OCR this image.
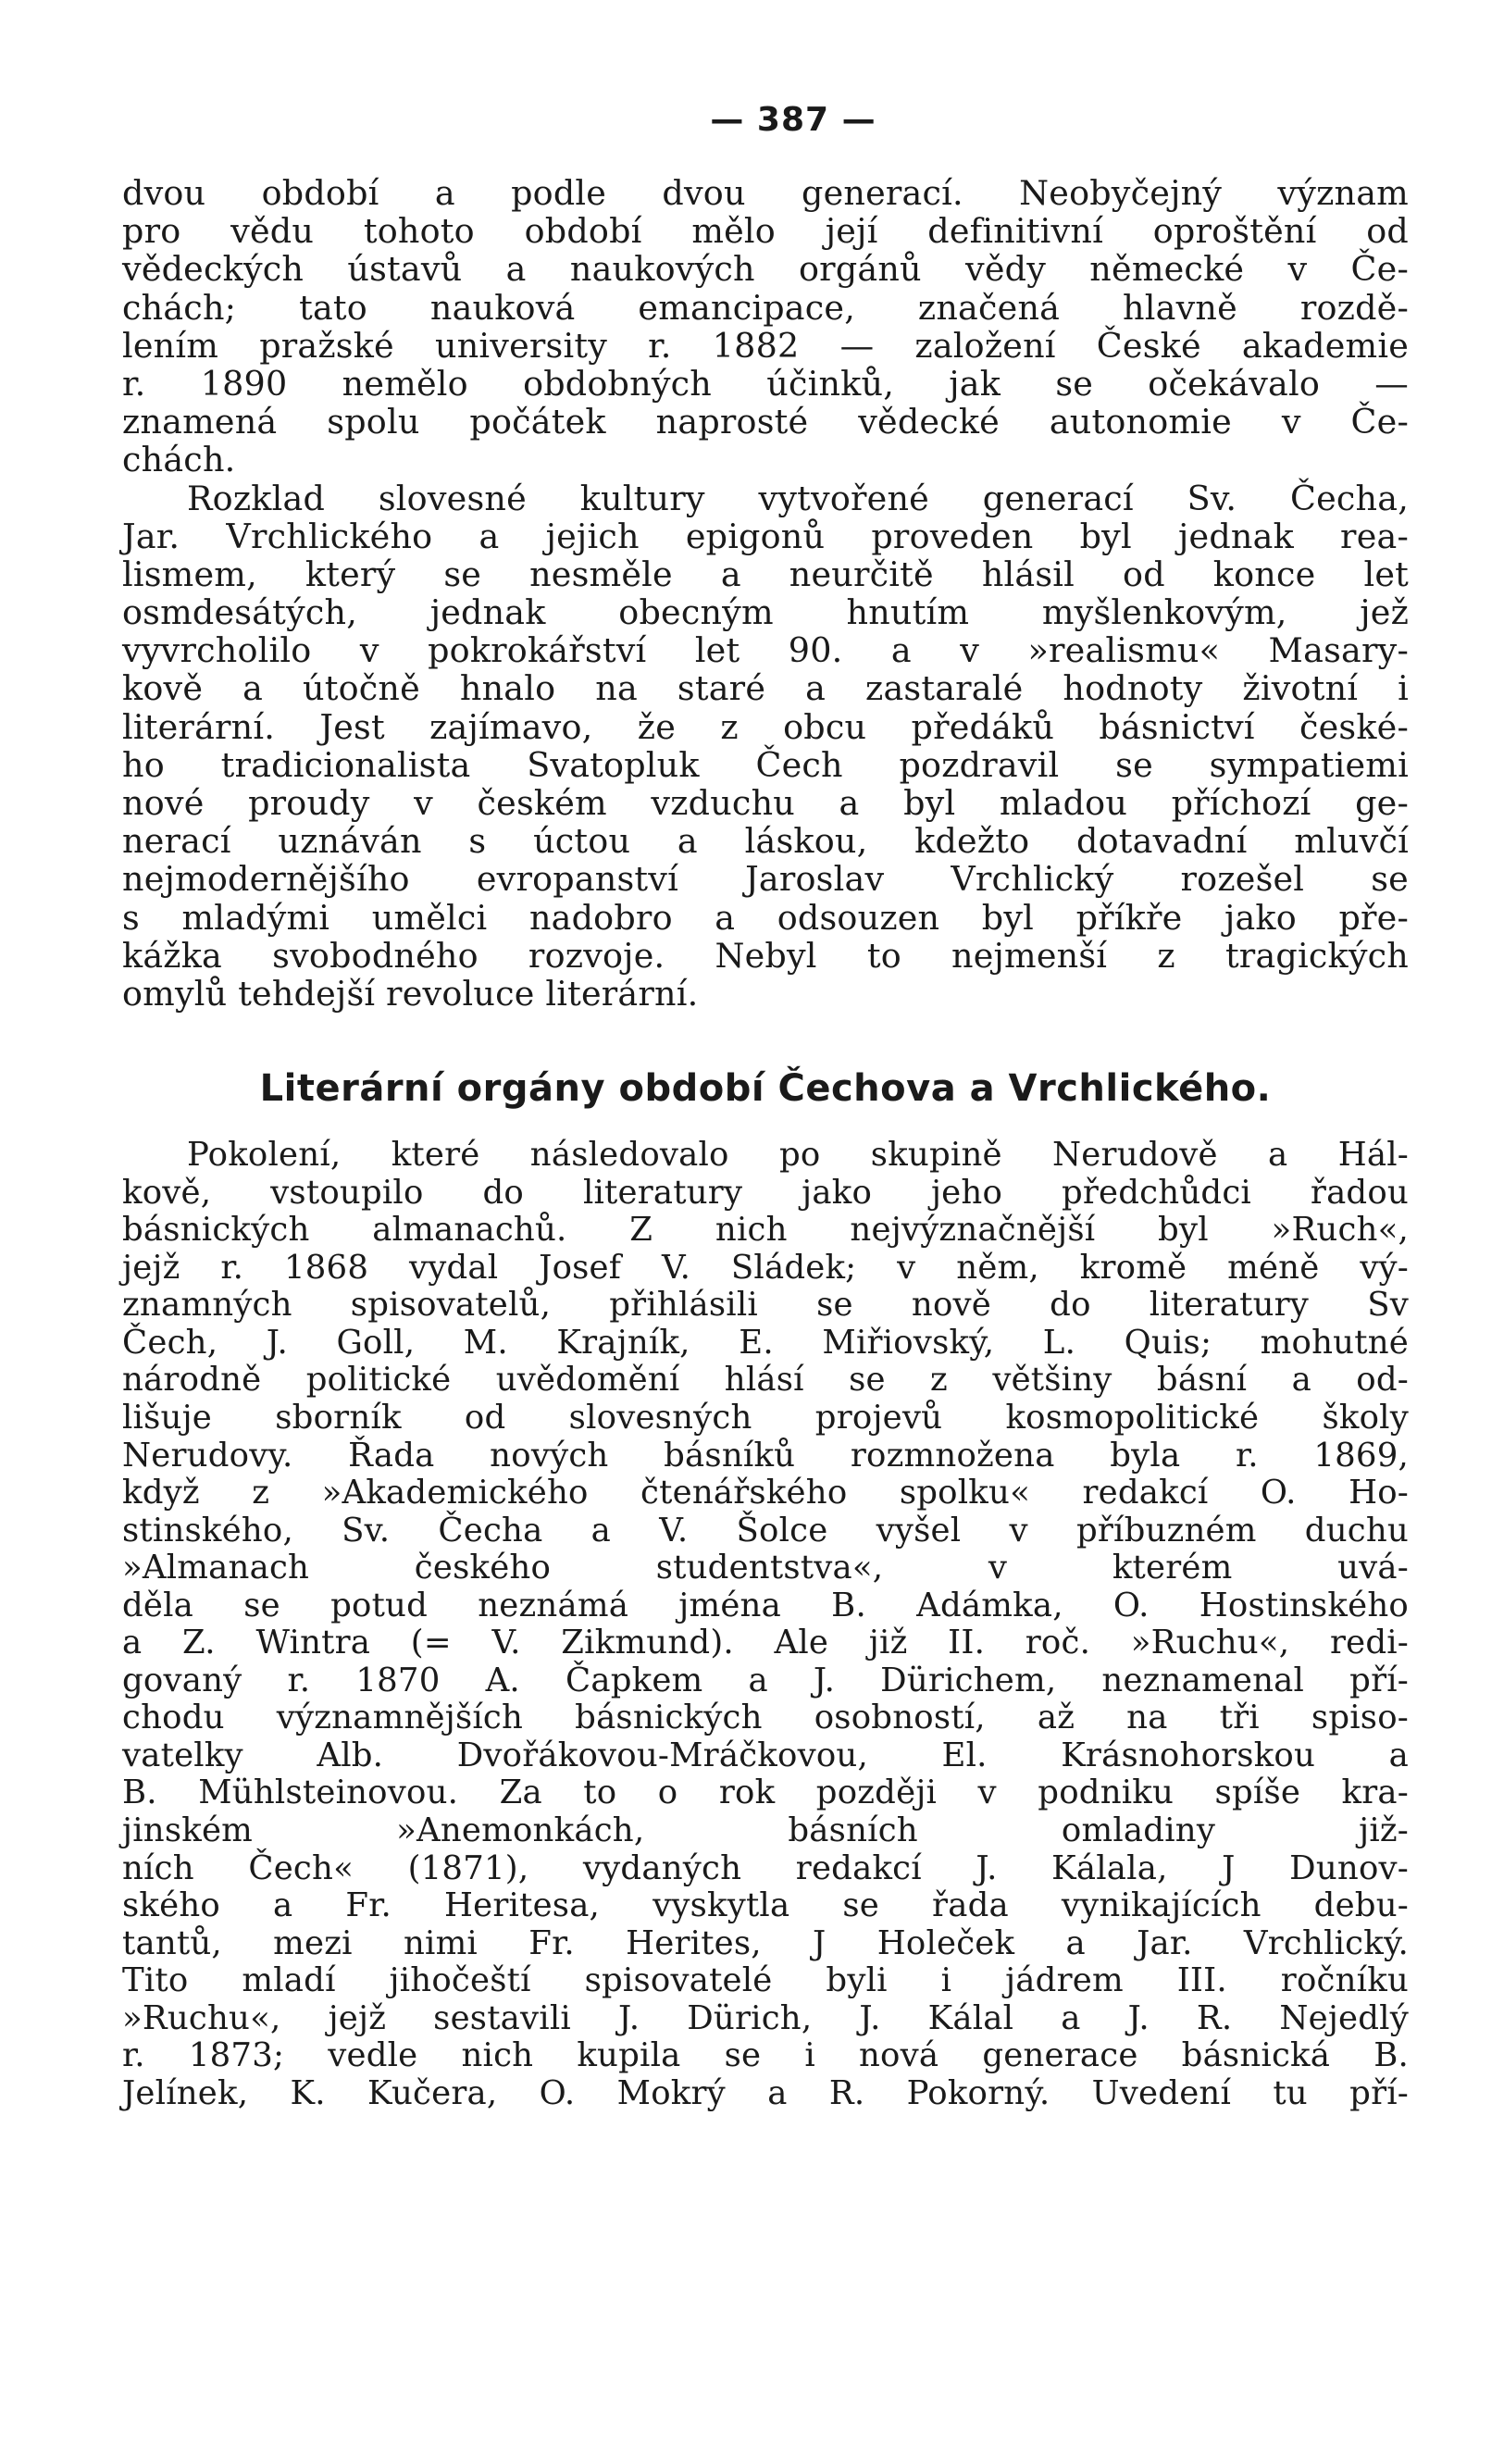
— 387 —
dvou období a podle dvou generací. Neobyčejný význam
pro vědu tohoto období mělo její definitivní oproštění od
vědeckých ústavů a naukových orgánů vědy německé v Če-
chách; tato nauková emancipace, značená hlavně rozdě-
lením pražské university r. 1882 — založení České akademie
r. 1890 nemělo obdobných účinků, jak se očekávalo —
znamená spolu počátek naprosté vědecké autonomie v Če-
chách.
Rozklad slovesné kultury vytvořené generací Sv. Čecha,
Jar. Vrchlického a jejich epigonů proveden byl jednak rea-
lismem, který se nesměle a neurčitě hlásil od konce let
osmdesátých, jednak obecným hnutím myšlenkovým, jež
vyvrcholilo v pokrokářství let 90. a v »realismu« Masary-
kově a útočně hnalo na staré a zastaralé hodnoty životní i
literární. Jest zajímavo, že z obcu předáků básnictví české-
ho tradicionalista Svatopluk Čech pozdravil se sympatiemi
nové proudy v českém vzduchu a byl mladou příchozí ge-
nerací uznáván s úctou a láskou, kdežto dotavadní mluvčí
nejmodernějšího evropanství Jaroslav Vrchlický rozešel se
s mladými umělci nadobro a odsouzen byl příkře jako pře-
kážka svobodného rozvoje. Nebyl to nejmenší z tragických
omylů tehdejší revoluce literární.
Literární orgány období Čechova a Vrchlického.
Pokolení, které následovalo po skupině Nerudově a Hál-
kově, vstoupilo do literatury jako jeho předchůdci řadou
básnických almanachů. Z nich nejvýznačnější byl »Ruch«,
jejž r. 1868 vydal Josef V. Sládek; v něm, kromě méně vý-
znamných spisovatelů, přihlásili se nově do literatury Sv
Čech, J. Goll, M. Krajník, E. Miřiovský, L. Quis; mohutné
národně politické uvědomění hlásí se z většiny básní a od-
lišuje sborník od slovesných projevů kosmopolitické školy
Nerudovy. Řada nových básníků rozmnožena byla r. 1869,
když z »Akademického čtenářského spolku« redakcí O. Ho-
stinského, Sv. Čecha a V. Šolce vyšel v příbuzném duchu
»Almanach českého studentstva«, v kterém uvá-
děla se potud neznámá jména B. Adámka, O. Hostinského
a Z. Wintra (= V. Zikmund). Ale již II. roč. »Ruchu«, redi-
govaný r. 1870 A. Čapkem a J. Dürichem, neznamenal pří-
chodu významnějších básnických osobností, až na tři spiso-
vatelky Alb. Dvořákovou-Mráčkovou, El. Krásnohorskou a
B. Mühlsteinovou. Za to o rok později v podniku spíše kra-
jinském »Anemonkách, básních omladiny již-
ních Čech« (1871), vydaných redakcí J. Kálala, J Dunov-
ského a Fr. Heritesa, vyskytla se řada vynikajících debu-
tantů, mezi nimi Fr. Herites, J Holeček a Jar. Vrchlický.
Tito mladí jihočeští spisovatelé byli i jádrem III. ročníku
»Ruchu«, jejž sestavili J. Dürich, J. Kálal a J. R. Nejedlý
r. 1873; vedle nich kupila se i nová generace básnická B.
Jelínek, K. Kučera, O. Mokrý a R. Pokorný. Uvedení tu pří-
